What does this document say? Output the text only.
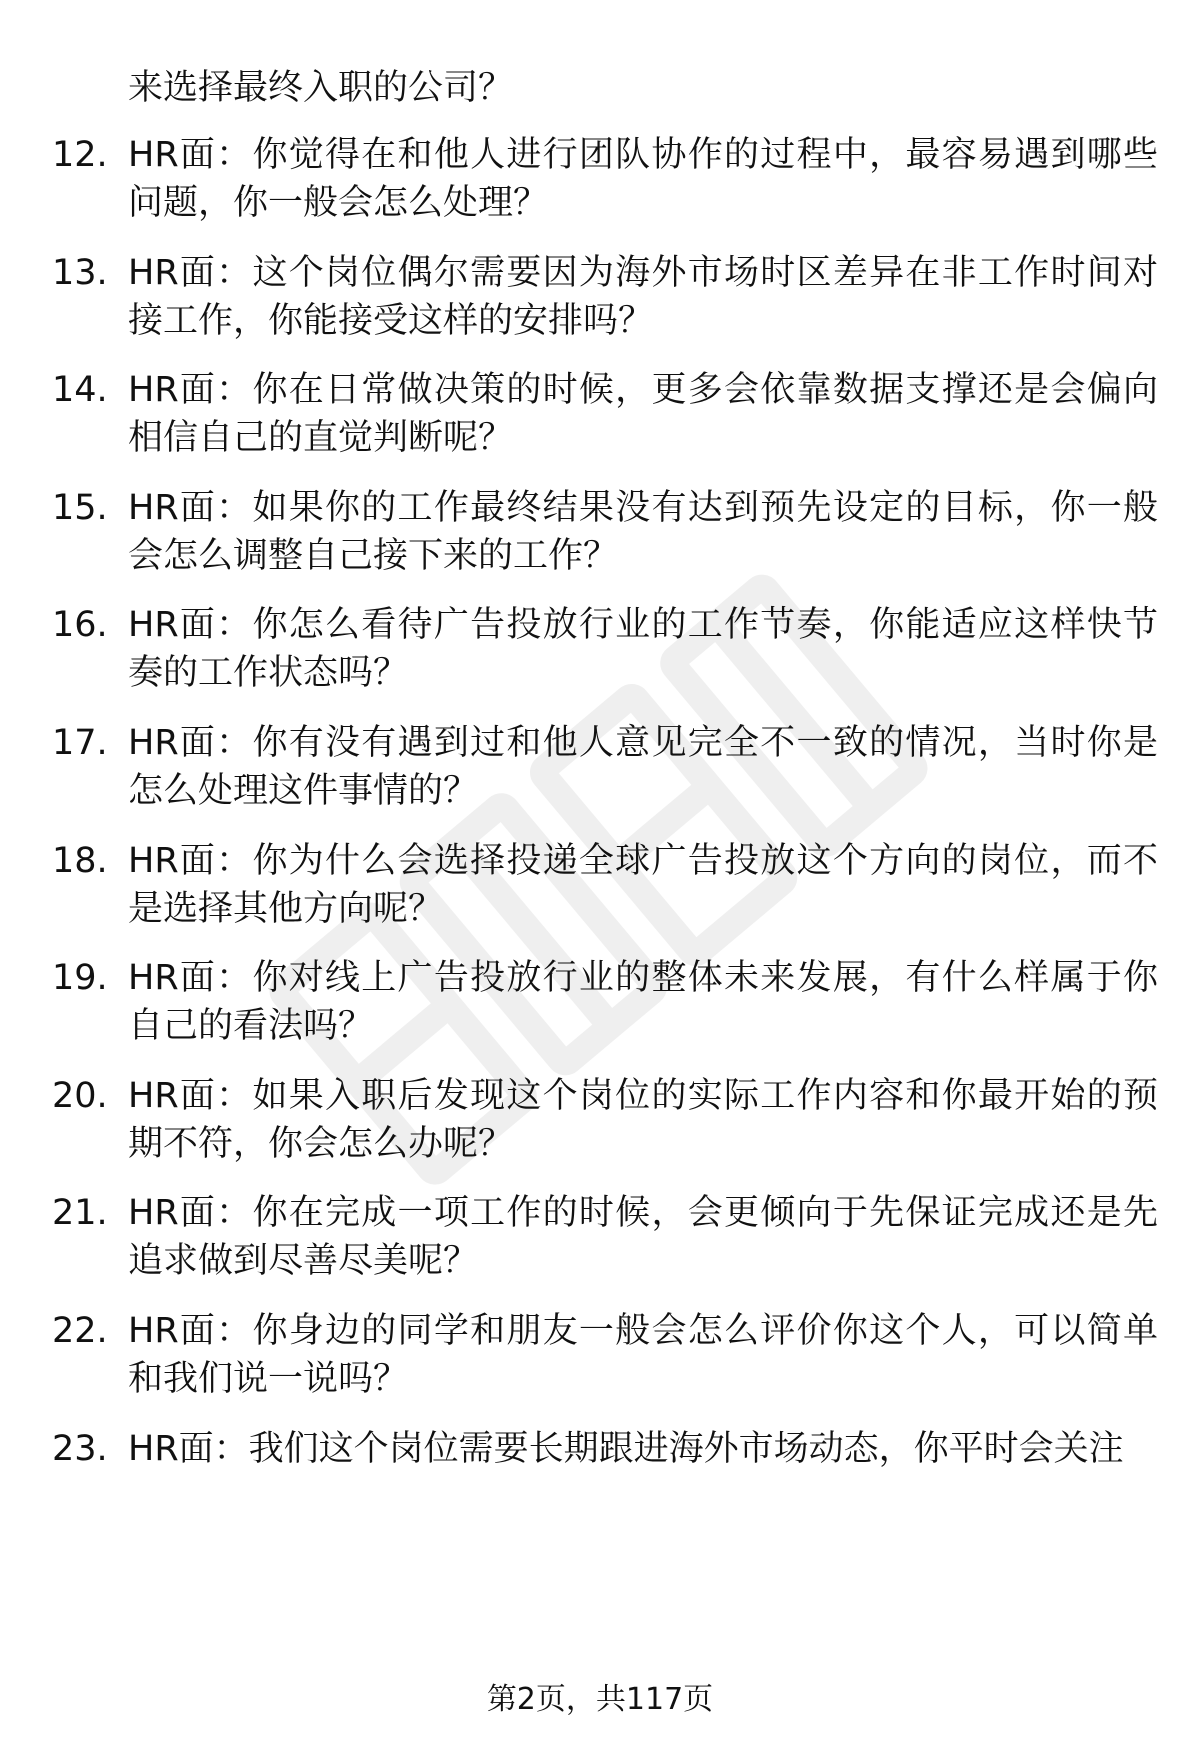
来选择最终入职的公司？
12. HR面：你觉得在和他人进行团队协作的过程中，最容易遇到哪些问题，你一般会怎么处理？
13. HR面：这个岗位偶尔需要因为海外市场时区差异在非工作时间对接工作，你能接受这样的安排吗？
14. HR面：你在日常做决策的时候，更多会依靠数据支撑还是会偏向相信自己的直觉判断呢？
15. HR面：如果你的工作最终结果没有达到预先设定的目标，你一般会怎么调整自己接下来的工作？
16. HR面：你怎么看待广告投放行业的工作节奏，你能适应这样快节奏的工作状态吗？
17. HR面：你有没有遇到过和他人意见完全不一致的情况，当时你是怎么处理这件事情的？
18. HR面：你为什么会选择投递全球广告投放这个方向的岗位，而不是选择其他方向呢？
19. HR面：你对线上广告投放行业的整体未来发展，有什么样属于你自己的看法吗？
20. HR面：如果入职后发现这个岗位的实际工作内容和你最开始的预期不符，你会怎么办呢？
21. HR面：你在完成一项工作的时候，会更倾向于先保证完成还是先追求做到尽善尽美呢？
22. HR面：你身边的同学和朋友一般会怎么评价你这个人，可以简单和我们说一说吗？
23. HR面：我们这个岗位需要长期跟进海外市场动态，你平时会关注
第2页，共117页
